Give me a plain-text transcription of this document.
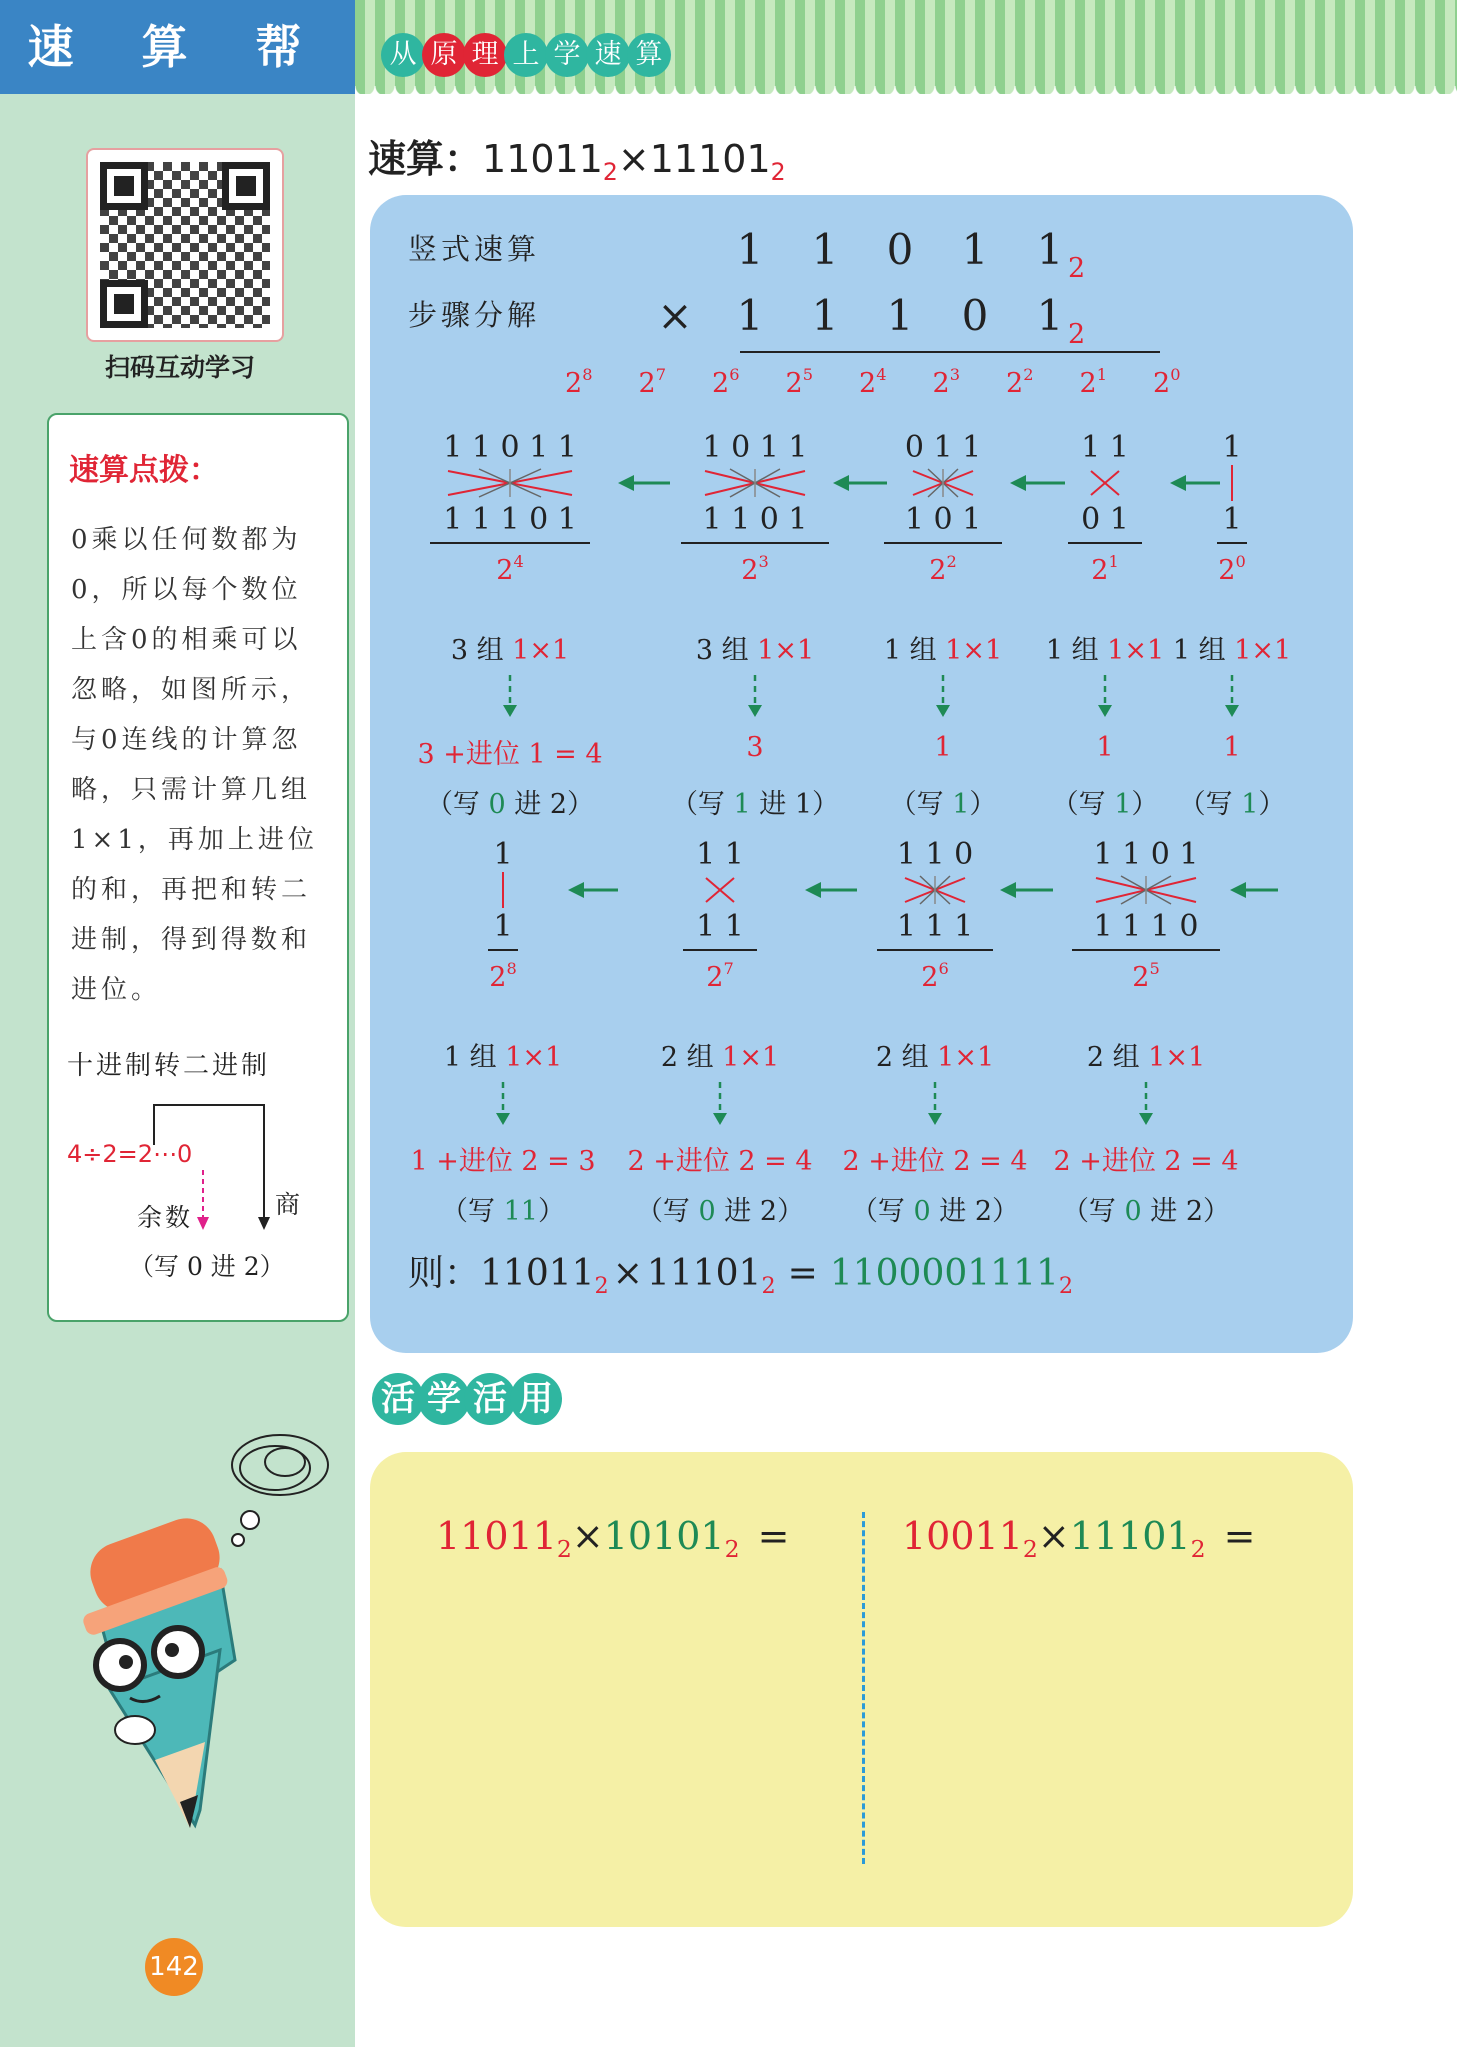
速 算 帮	从 原 理 上 学 速 算
扫码互动学习
速算点拨：
0乘以任何数都为
0，所以每个数位
上含0的相乘可以
忽略，如图所示，
与0连线的计算忽
略，只需计算几组
1×1，再加上进位
的和，再把和转二
进制，得到得数和
进位。
十进制转二进制
4÷2=2⋯0
余数	商
（写 0 进 2）
142
速算：$11011_2\times 11101_2$
竖式速算
步骤分解
1 1 0 1 1
1 1 1 0 1
2
2
×
$2^8$ $2^7$ $2^6$ $2^5$ $2^4$ $2^3$ $2^2$ $2^1$ $2^0$
1 1 0 1 1
1 1 1 0 1
$2^4$
3 组 1×1
3 +进位 1 = 4
（写 0 进 2）
1 0 1 1
1 1 0 1
$2^3$
3 组 1×1
3
（写 1 进 1）
0 1 1
1 0 1
$2^2$
1 组 1×1
1
（写 1）
1 1
0 1
$2^1$
1 组 1×1
1
（写 1）
1
1
$2^0$
1 组 1×1
1
（写 1）
1
1
$2^8$
1 组 1×1
1 +进位 2 = 3
（写 11）
1 1
1 1
$2^7$
2 组 1×1
2 +进位 2 = 4
（写 0 进 2）
1 1 0
1 1 1
$2^6$
2 组 1×1
2 +进位 2 = 4
（写 0 进 2）
1 1 0 1
1 1 1 0
$2^5$
2 组 1×1
2 +进位 2 = 4
（写 0 进 2）
则：$11011_2 \times 11101_2 = 1100001111_2$
活 学 活 用
$11011_2\times 10101_2$ =	$10011_2\times 11101_2$ =
